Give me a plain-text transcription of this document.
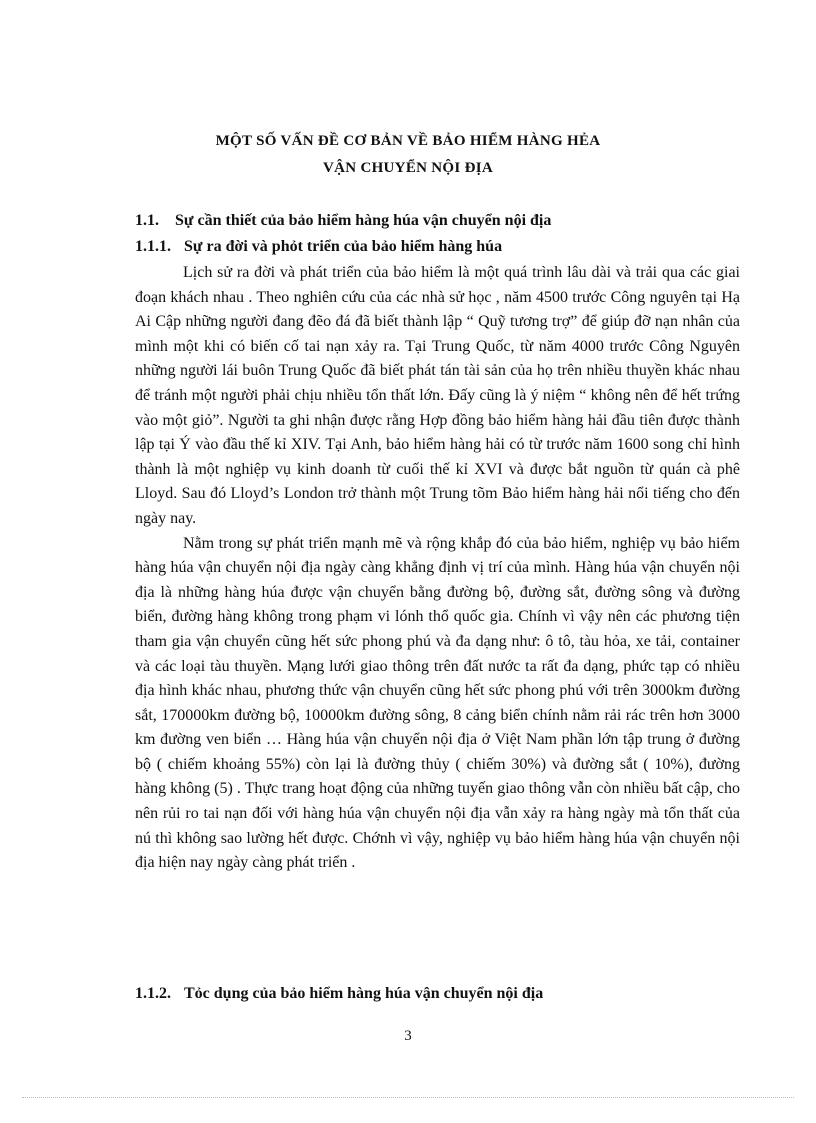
MỘT SỐ VẤN ĐỀ CƠ BẢN VỀ BẢO HIỂM HÀNG HẺA
VẬN CHUYỂN NỘI ĐỊA
1.1. Sự cần thiết của bảo hiểm hàng húa vận chuyển nội địa
1.1.1. Sự ra đời và phỏt triển của bảo hiểm hàng húa

Lịch sử ra đời và phát triển của bảo hiểm là một quá trình lâu dài và trải qua các giai đoạn khách nhau . Theo nghiên cứu của các nhà sử học , năm 4500 trước Công nguyên tại Hạ Ai Cập những người đang đẽo đá đã biết thành lập “ Quỹ tương trợ” để giúp đỡ nạn nhân của mình một khi có biến cố tai nạn xảy ra. Tại Trung Quốc, từ năm 4000 trước Công Nguyên những người lái buôn Trung Quốc đã biết phát tán tài sản của họ trên nhiều thuyền khác nhau để tránh một người phải chịu nhiều tổn thất lớn. Đấy cũng là ý niệm “ không nên để hết trứng vào một giỏ”. Người ta ghi nhận được rằng Hợp đồng bảo hiểm hàng hải đầu tiên được thành lập tại Ý vào đầu thế kỉ XIV. Tại Anh, bảo hiểm hàng hải có từ trước năm 1600 song chỉ hình thành là một nghiệp vụ kinh doanh từ cuối thế kỉ XVI và được bắt nguồn từ quán cà phê Lloyd. Sau đó Lloyd’s London trở thành một Trung tõm Bảo hiểm hàng hải nổi tiếng cho đến ngày nay.

Nằm trong sự phát triển mạnh mẽ và rộng khắp đó của bảo hiểm, nghiệp vụ bảo hiểm hàng húa vận chuyển nội địa ngày càng khẳng định vị trí của mình. Hàng húa vận chuyển nội địa là những hàng húa được vận chuyển bằng đường bộ, đường sắt, đường sông và đường biển, đường hàng không trong phạm vi lónh thổ quốc gia. Chính vì vậy nên các phương tiện tham gia vận chuyển cũng hết sức phong phú và đa dạng như: ô tô, tàu hỏa, xe tải, container và các loại tàu thuyền. Mạng lưới giao thông trên đất nước ta rất đa dạng, phức tạp có nhiều địa hình khác nhau, phương thức vận chuyển cũng hết sức phong phú với trên 3000km đường sắt, 170000km đường bộ, 10000km đường sông, 8 cảng biển chính nằm rải rác trên hơn 3000 km đường ven biển … Hàng húa vận chuyển nội địa ở Việt Nam phần lớn tập trung ở đường bộ ( chiếm khoảng 55%) còn lại là đường thủy ( chiếm 30%) và đường sắt ( 10%), đường hàng không (5) . Thực trang hoạt động của những tuyến giao thông vẫn còn nhiều bất cập, cho nên rủi ro tai nạn đối với hàng húa vận chuyển nội địa vẫn xảy ra hàng ngày mà tổn thất của nú thì không sao lường hết được. Chớnh vì vậy, nghiệp vụ bảo hiểm hàng húa vận chuyển nội địa hiện nay ngày càng phát triển .

1.1.2. Tỏc dụng của bảo hiểm hàng húa vận chuyển nội địa
3
